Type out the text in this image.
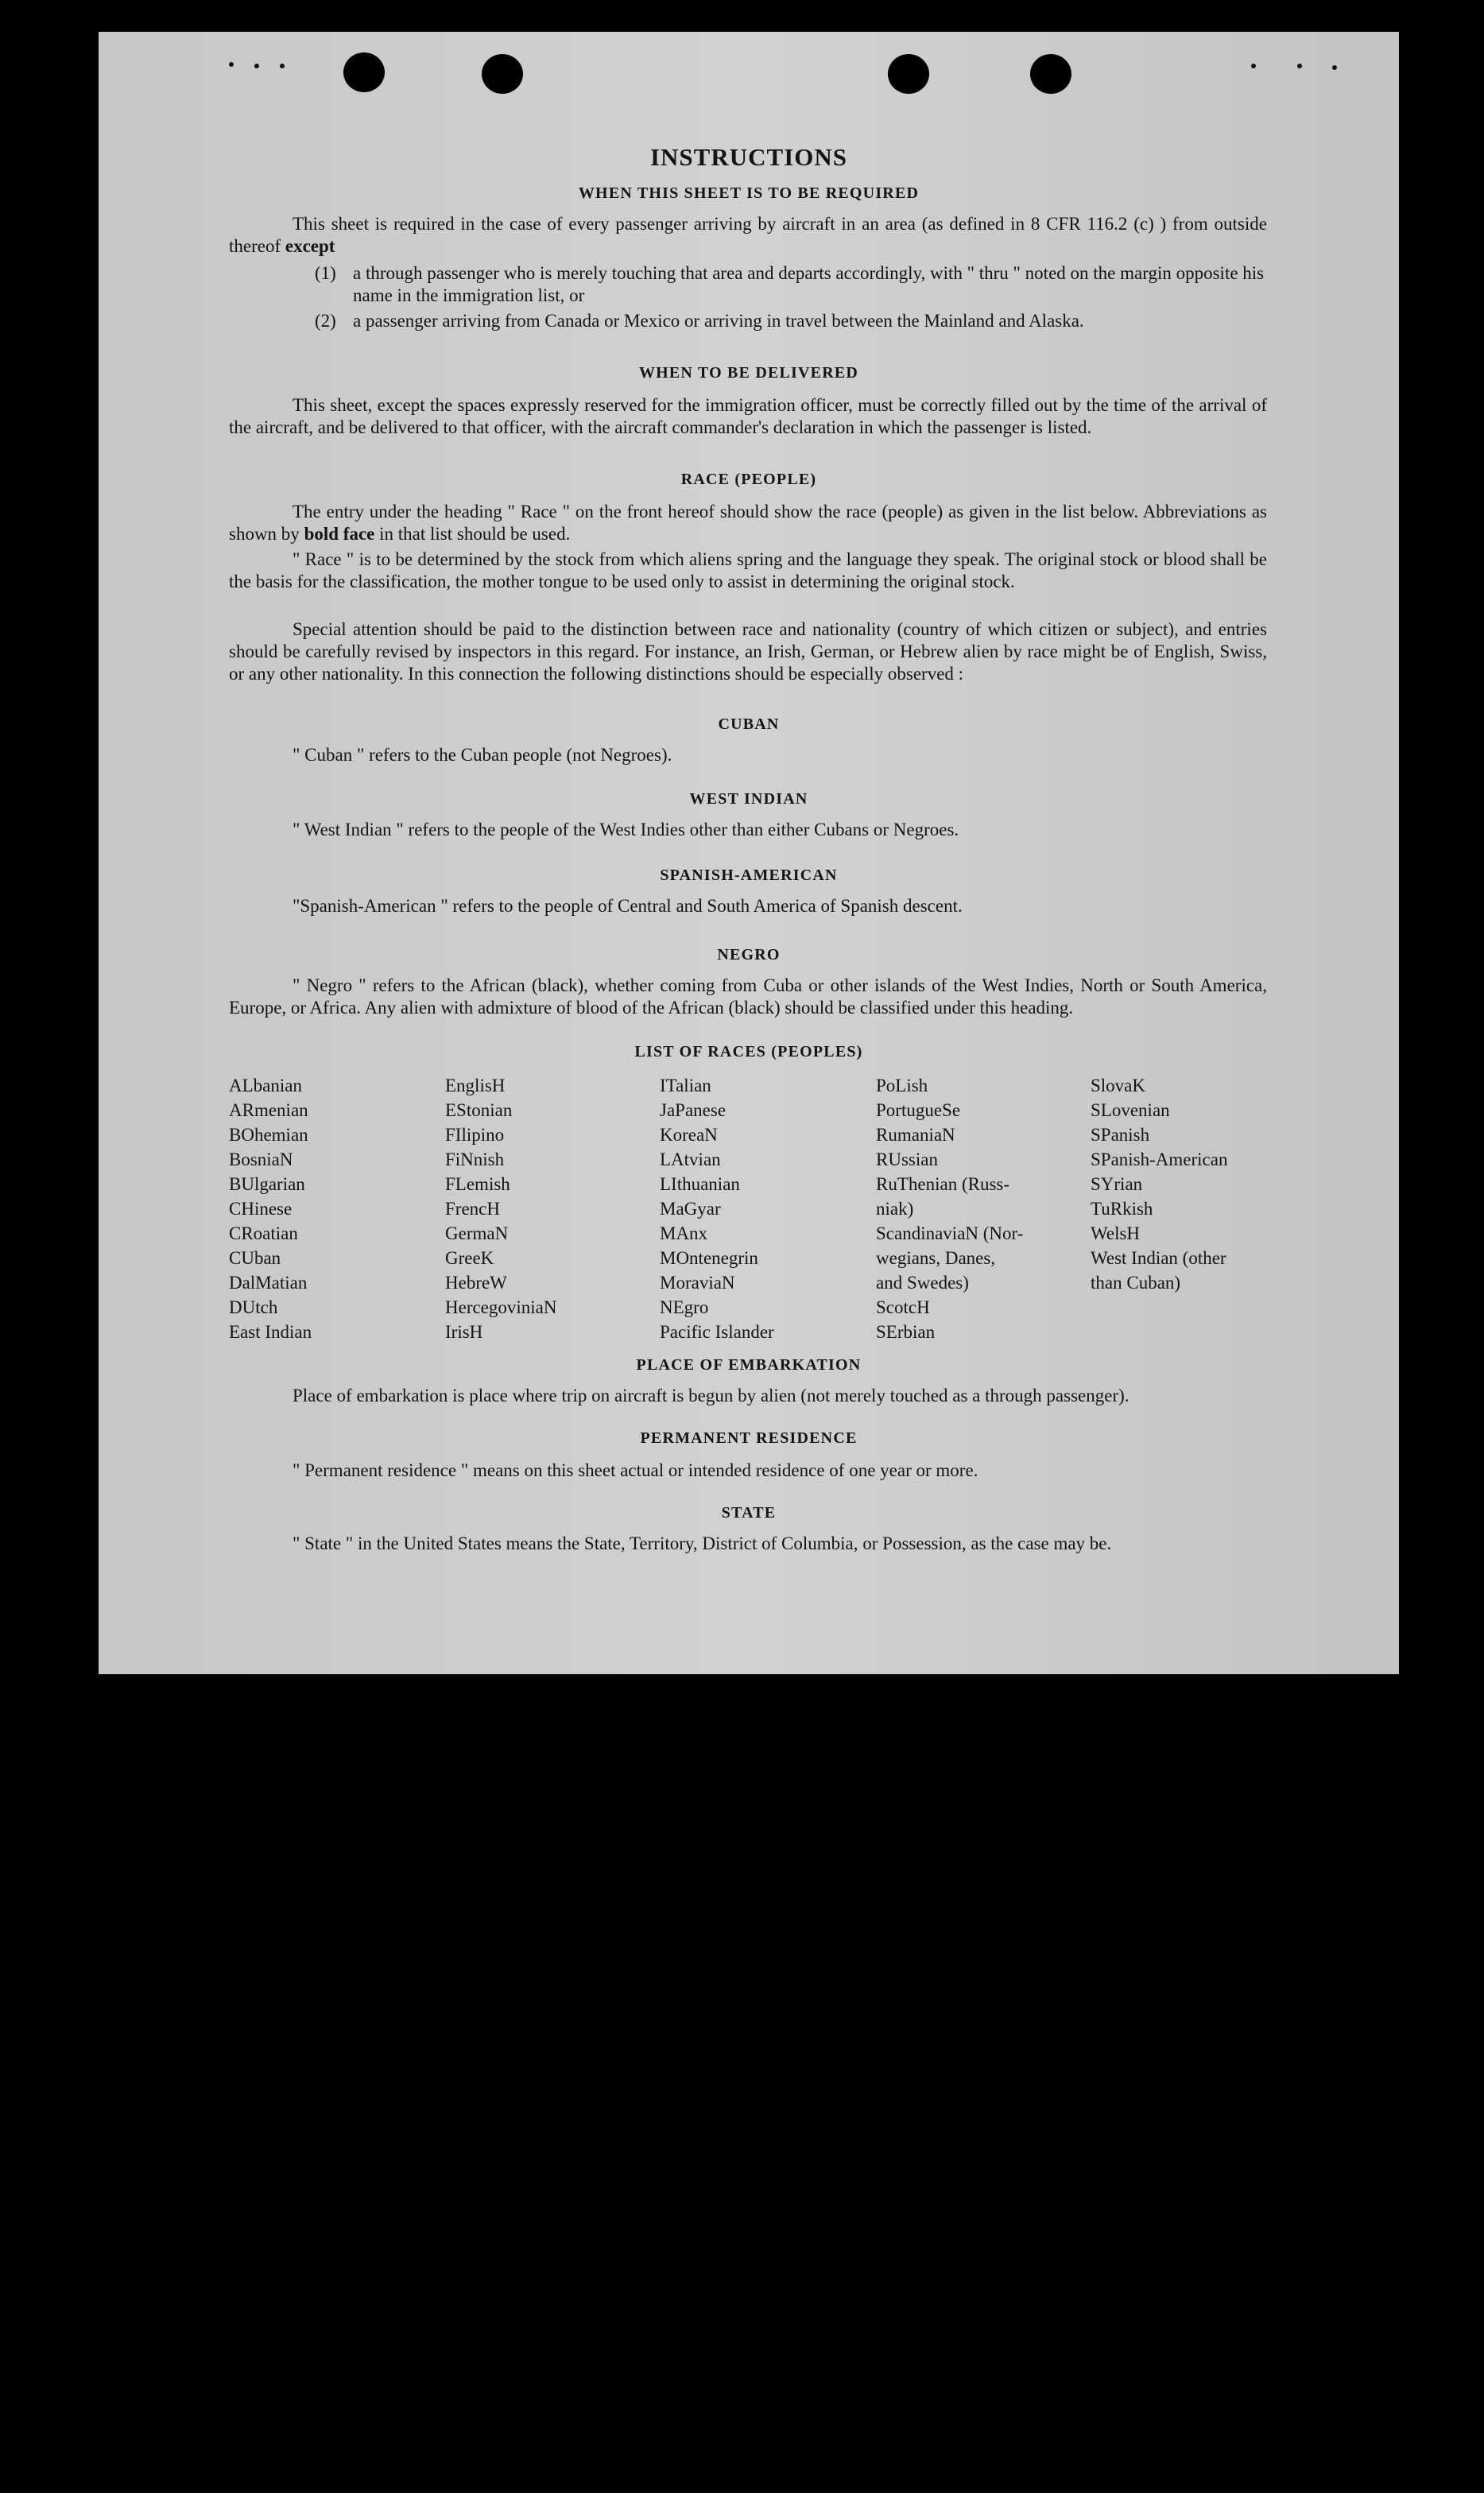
INSTRUCTIONS
WHEN THIS SHEET IS TO BE REQUIRED
This sheet is required in the case of every passenger arriving by aircraft in an area (as defined in 8 CFR 116.2 (c) ) from outside thereof except
(1) a through passenger who is merely touching that area and departs accordingly, with " thru " noted on the margin opposite his name in the immigration list, or
(2) a passenger arriving from Canada or Mexico or arriving in travel between the Mainland and Alaska.
WHEN TO BE DELIVERED
This sheet, except the spaces expressly reserved for the immigration officer, must be correctly filled out by the time of the arrival of the aircraft, and be delivered to that officer, with the aircraft commander's declaration in which the passenger is listed.
RACE (PEOPLE)
The entry under the heading " Race " on the front hereof should show the race (people) as given in the list below. Abbreviations as shown by bold face in that list should be used.
" Race " is to be determined by the stock from which aliens spring and the language they speak. The original stock or blood shall be the basis for the classification, the mother tongue to be used only to assist in determining the original stock.
Special attention should be paid to the distinction between race and nationality (country of which citizen or subject), and entries should be carefully revised by inspectors in this regard. For instance, an Irish, German, or Hebrew alien by race might be of English, Swiss, or any other nationality. In this connection the following distinctions should be especially observed :
CUBAN
" Cuban " refers to the Cuban people (not Negroes).
WEST INDIAN
" West Indian " refers to the people of the West Indies other than either Cubans or Negroes.
SPANISH-AMERICAN
"Spanish-American " refers to the people of Central and South America of Spanish descent.
NEGRO
" Negro " refers to the African (black), whether coming from Cuba or other islands of the West Indies, North or South America, Europe, or Africa. Any alien with admixture of blood of the African (black) should be classified under this heading.
LIST OF RACES (PEOPLES)
ALbanian
ARmenian
BOhemian
BosniaN
BUlgarian
CHinese
CRoatian
CUban
DalMatian
DUtch
East Indian
EnglisH
EStonian
FIlipino
FiNnish
FLemish
FrencH
GermaN
GreeK
HebreW
HercegoviniaN
IrisH
ITalian
JaPanese
KoreaN
LAtvian
LIthuanian
MaGyar
MAnx
MOntenegrin
MoraviaN
NEgro
Pacific Islander
PoLish
PortugueSe
RumaniaN
RUssian
RuThenian (Russ-
niak)
ScandinaviaN (Nor-
wegians, Danes,
and Swedes)
ScotcH
SErbian
SlovaK
SLovenian
SPanish
SPanish-American
SYrian
TuRkish
WelsH
West Indian (other
than Cuban)
PLACE OF EMBARKATION
Place of embarkation is place where trip on aircraft is begun by alien (not merely touched as a through passenger).
PERMANENT RESIDENCE
" Permanent residence " means on this sheet actual or intended residence of one year or more.
STATE
" State " in the United States means the State, Territory, District of Columbia, or Possession, as the case may be.
